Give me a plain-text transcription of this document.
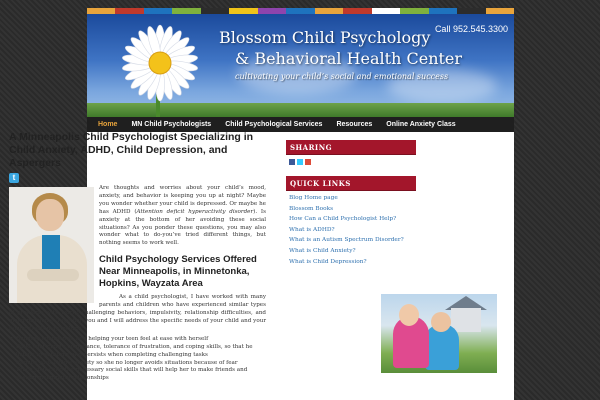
Blossom Child Psychology
& Behavioral Health Center
cultivating your child’s social and emotional success
Call 952.545.3300
Home	MN Child Psychologists	Child Psychological Services	Resources	Online Anxiety Class
A Minneapolis Child Psychologist Specializing in Child Anxiety, ADHD, Child Depression, and Aspergers
t

Are thoughts and worries about your child’s mood, anxiety, and behavior is keeping you up at night? Maybe you wonder whether your child is depressed. Or maybe he has ADHD (Attention deficit hyperactivity disorder). Is anxiety at the bottom of her avoiding these social situations? As you ponder these questions, you may also wonder what to do-you’ve tried different things, but nothing seems to work well.

Child Psychology Services Offered Near Minneapolis, in Minnetonka, Hopkins, Wayzata Area

As a child psychologist, I have worked with many parents and children who have experienced similar types of problems with worry, challenging behaviors, impulsivity, relationship difficulties, and mood problems. Together, you and I will address the specific needs of your child and your family. Goals may include:

• Building confidence, and helping your teen feel at ease with herself
• Build your child’s compliance, tolerance of frustration, and coping skills, so that he listens to authority and persists when completing challenging tasks
• Reduce your child’s anxiety so she no longer avoids situations because of fear
• Teach your child the necessary social skills that will help her to make friends and sustain meaningful relationships
SHARING
QUICK LINKS
Blog Home page
Blossom Books
How Can a Child Psychologist Help?
What is ADHD?
What is an Autism Spectrum Disorder?
What is Child Anxiety?
What is Child Depression?
